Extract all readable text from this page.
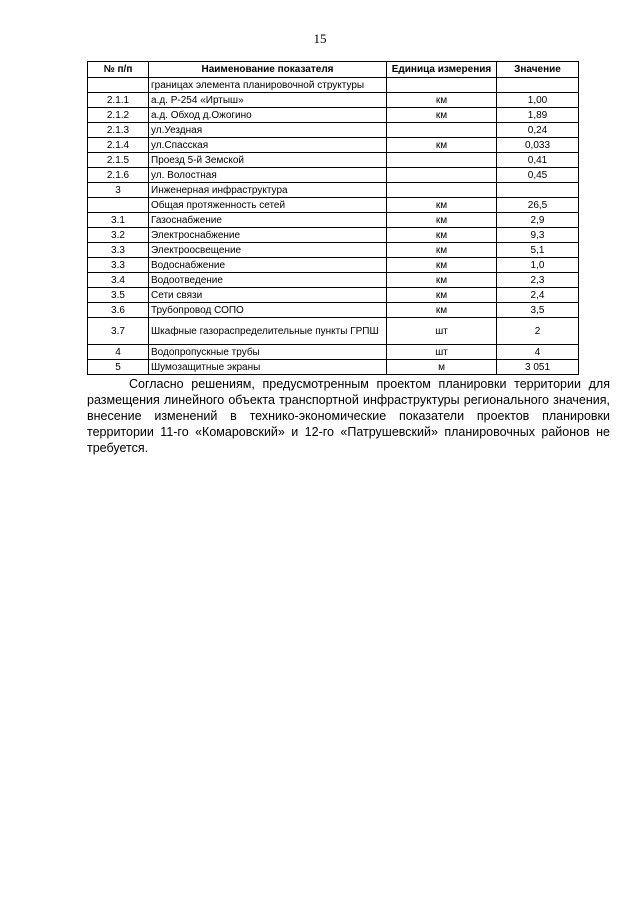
15
№ п/п	Наименование показателя	Единица измерения	Значение
	границах элемента планировочной структуры		
2.1.1	а.д. Р-254 «Иртыш»	км	1,00
2.1.2	а.д. Обход д.Ожогино	км	1,89
2.1.3	ул.Уездная		0,24
2.1.4	ул.Спасская	км	0,033
2.1.5	Проезд 5-й Земской		0,41
2.1.6	ул. Волостная		0,45
3	Инженерная инфраструктура		
	Общая протяженность сетей	км	26,5
3.1	Газоснабжение	км	2,9
3.2	Электроснабжение	км	9,3
3.3	Электроосвещение	км	5,1
3.3	Водоснабжение	км	1,0
3.4	Водоотведение	км	2,3
3.5	Сети связи	км	2,4
3.6	Трубопровод СОПО	км	3,5
3.7	Шкафные газораспределительные пункты ГРПШ	шт	2
4	Водопропускные трубы	шт	4
5	Шумозащитные экраны	м	3 051

Согласно решениям, предусмотренным проектом планировки территории для размещения линейного объекта транспортной инфраструктуры регионального значения, внесение изменений в технико-экономические показатели проектов планировки территории 11-го «Комаровский» и 12-го «Патрушевский» планировочных районов не требуется.
